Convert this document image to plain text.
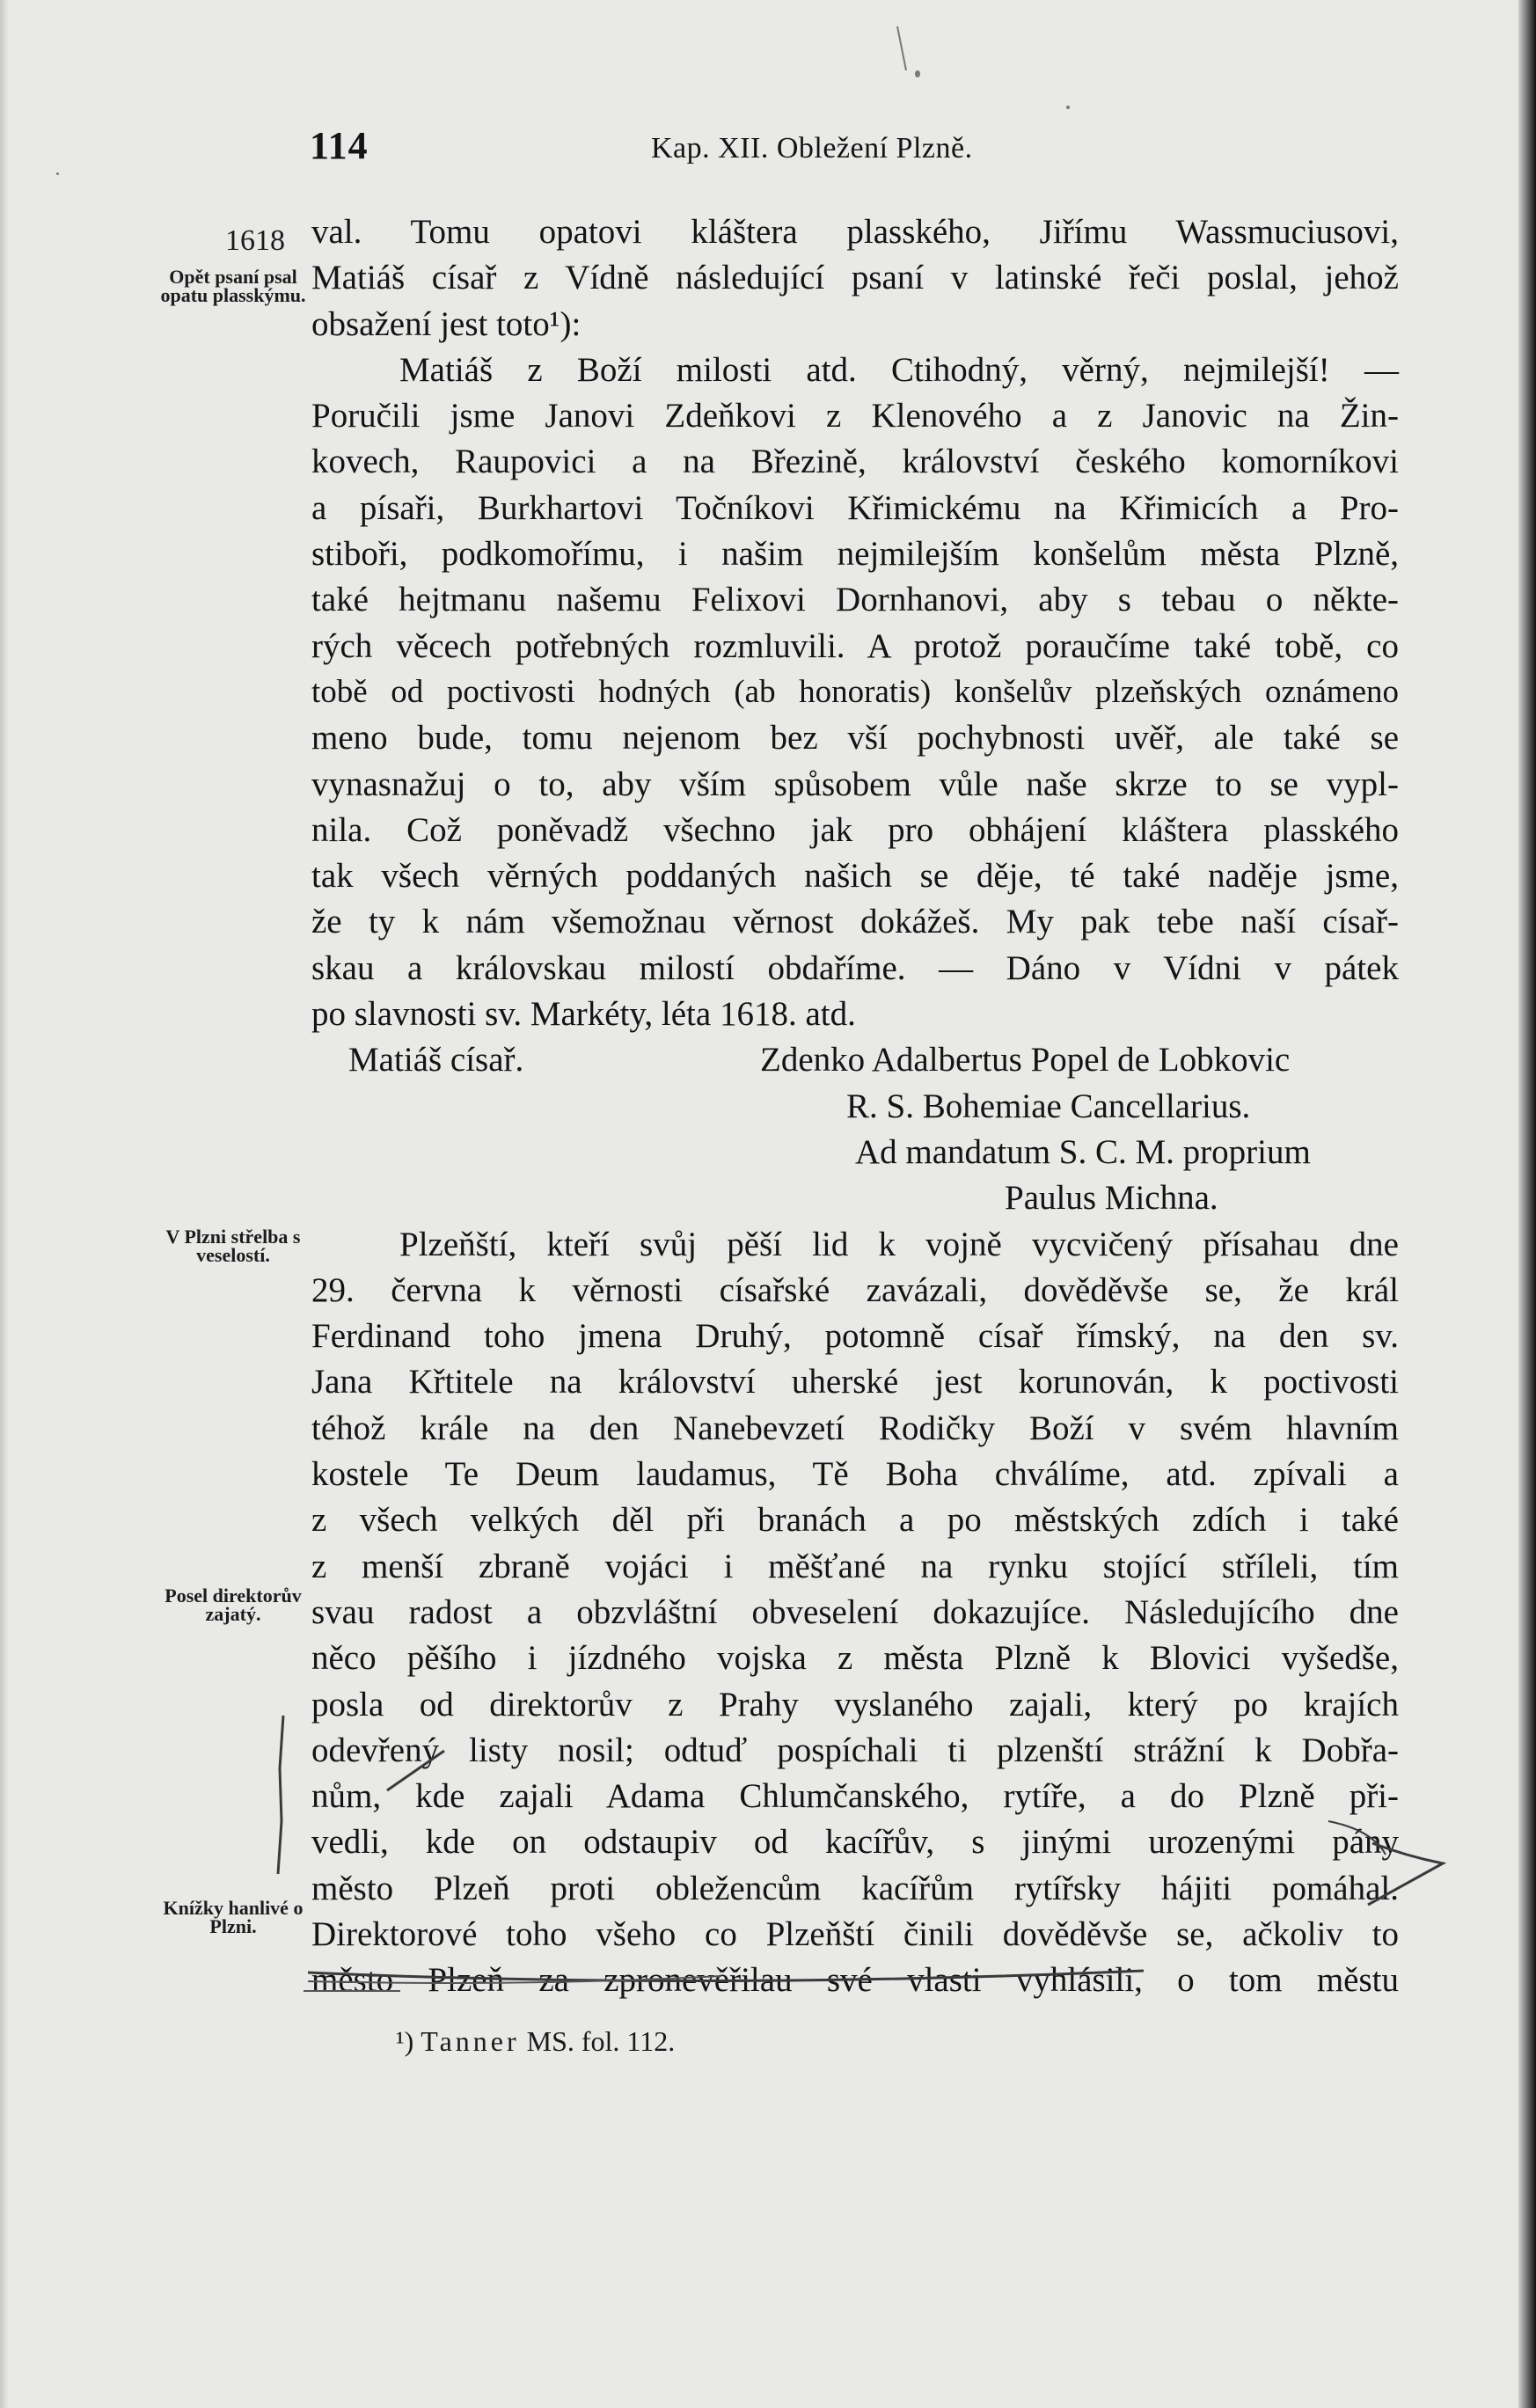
114	Kap. XII. Obležení Plzně.
1618
Opět psaní psal opatu plasskýmu.
V Plzni střelba s veselostí.
Posel direktorův zajatý.
Knížky hanlivé o Plzni.
val. Tomu opatovi kláštera plasského, Jiřímu Wassmuciusovi,
Matiáš císař z Vídně následující psaní v latinské řeči poslal, jehož
obsažení jest toto¹):
Matiáš z Boží milosti atd. Ctihodný, věrný, nejmilejší! —
Poručili jsme Janovi Zdeňkovi z Klenového a z Janovic na Žin-
kovech, Raupovici a na Březině, království českého komorníkovi
a písaři, Burkhartovi Točníkovi Křimickému na Křimicích a Pro-
stiboři, podkomořímu, i našim nejmilejším konšelům města Plzně,
také hejtmanu našemu Felixovi Dornhanovi, aby s tebau o někte-
rých věcech potřebných rozmluvili. A protož poraučíme také tobě, co
tobě od poctivosti hodných (ab honoratis) konšelův plzeňských oznámeno
meno bude, tomu nejenom bez vší pochybnosti uvěř, ale také se
vynasnažuj o to, aby vším spůsobem vůle naše skrze to se vypl-
nila. Což poněvadž všechno jak pro obhájení kláštera plasského
tak všech věrných poddaných našich se děje, té také naděje jsme,
že ty k nám všemožnau věrnost dokážeš. My pak tebe naší císař-
skau a královskau milostí obdaříme. — Dáno v Vídni v pátek
po slavnosti sv. Markéty, léta 1618. atd.
Matiáš císař.	Zdenko Adalbertus Popel de Lobkovic
R. S. Bohemiae Cancellarius.
Ad mandatum S. C. M. proprium
Paulus Michna.
Plzeňští, kteří svůj pěší lid k vojně vycvičený přísahau dne
29. června k věrnosti císařské zavázali, dověděvše se, že král
Ferdinand toho jmena Druhý, potomně císař římský, na den sv.
Jana Křtitele na království uherské jest korunován, k poctivosti
téhož krále na den Nanebevzetí Rodičky Boží v svém hlavním
kostele Te Deum laudamus, Tě Boha chválíme, atd. zpívali a
z všech velkých děl při branách a po městských zdích i také
z menší zbraně vojáci i měšťané na rynku stojící stříleli, tím
svau radost a obzvláštní obveselení dokazujíce. Následujícího dne
něco pěšího i jízdného vojska z města Plzně k Blovici vyšedše,
posla od direktorův z Prahy vyslaného zajali, který po krajích
odevřený listy nosil; odtuď pospíchali ti plzenští strážní k Dobřa-
nům, kde zajali Adama Chlumčanského, rytíře, a do Plzně při-
vedli, kde on odstaupiv od kacířův, s jinými urozenými pány
město Plzeň proti obležencům kacířům rytířsky hájiti pomáhal.
Direktorové toho všeho co Plzeňští činili dověděvše se, ačkoliv to
město Plzeň za zpronevěřilau své vlasti vyhlásili, o tom městu
¹) Tanner MS. fol. 112.
